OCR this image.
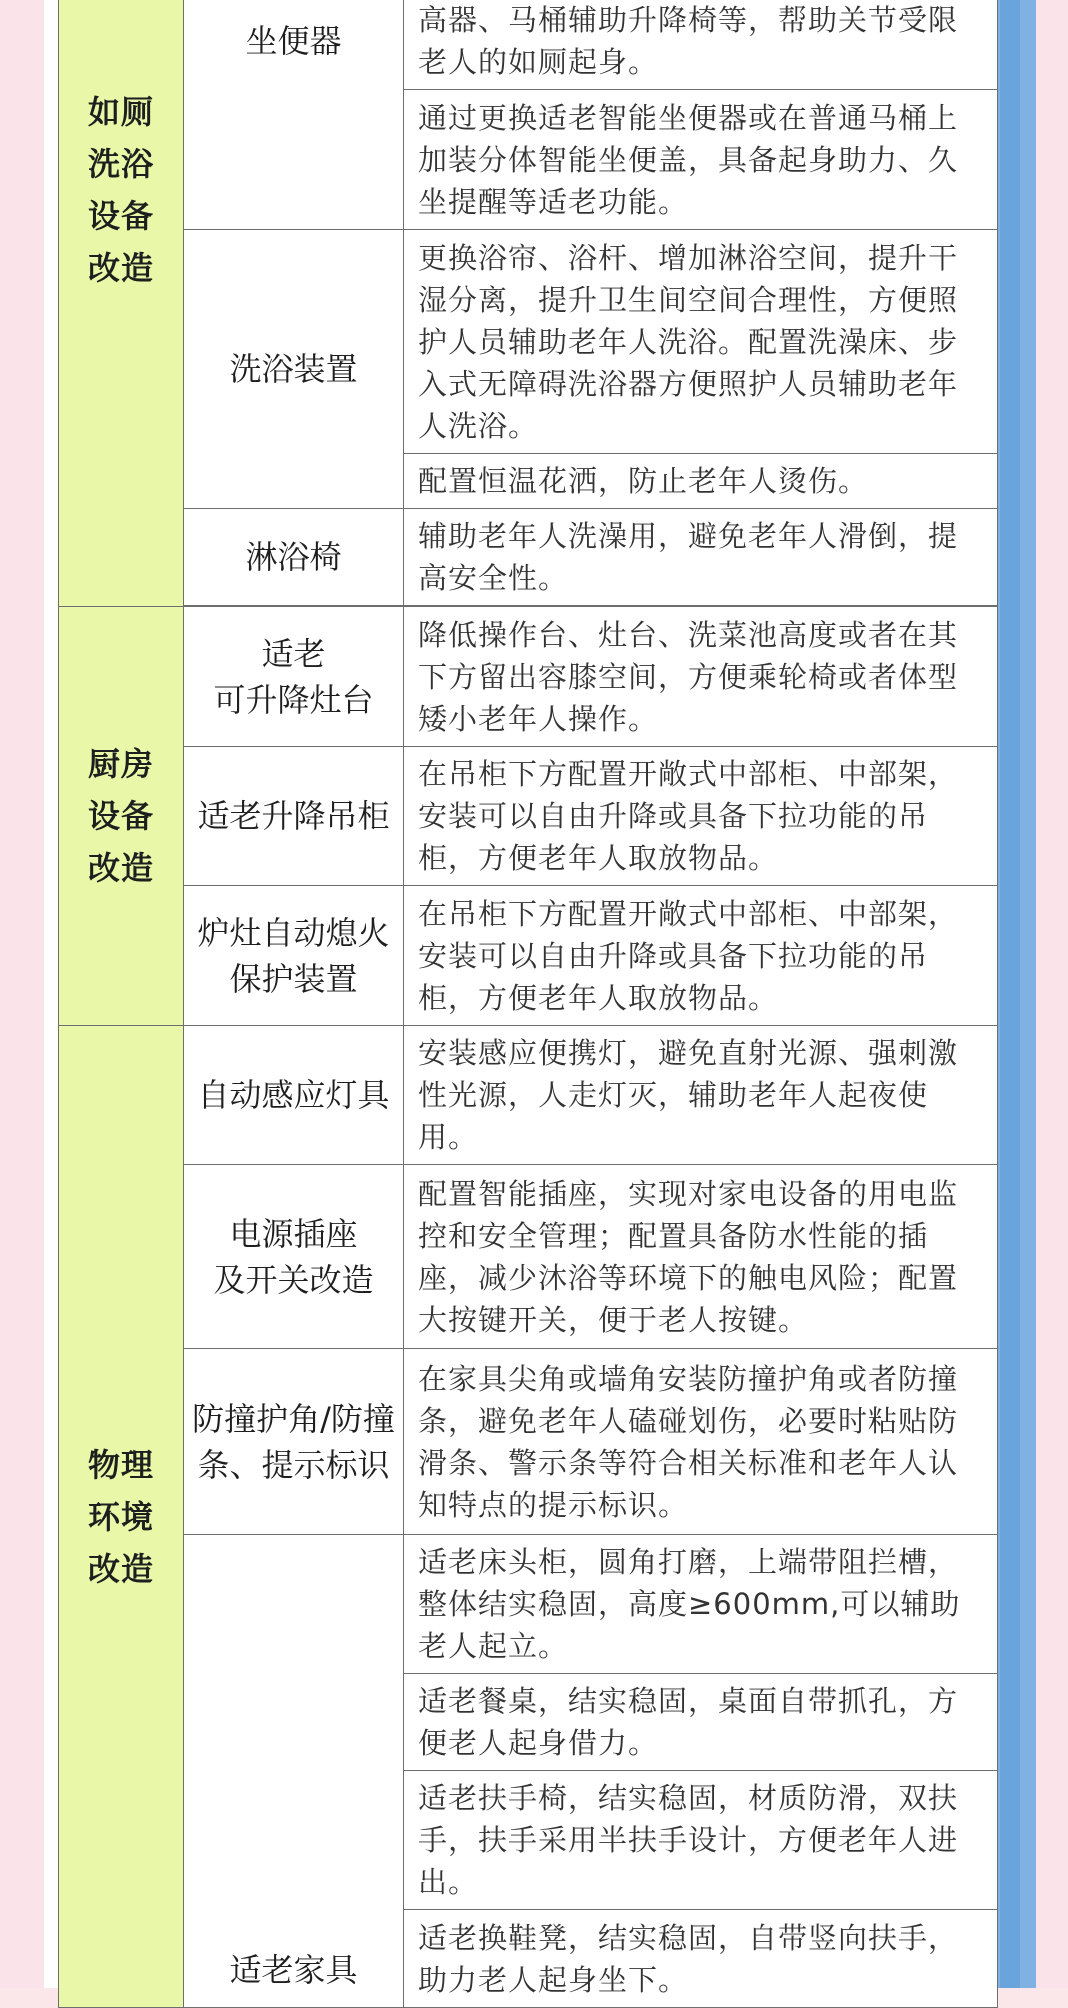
如厕
洗浴
设备
改造	坐便器	高器、马桶辅助升降椅等，帮助关节受限老人的如厕起身。
		通过更换适老智能坐便器或在普通马桶上加装分体智能坐便盖，具备起身助力、久坐提醒等适老功能。

	洗浴装置	更换浴帘、浴杆、增加淋浴空间，提升干湿分离，提升卫生间空间合理性，方便照护人员辅助老年人洗浴。配置洗澡床、步入式无障碍洗浴器方便照护人员辅助老年人洗浴。
		配置恒温花洒，防止老年人烫伤。

	淋浴椅	辅助老年人洗澡用，避免老年人滑倒，提高安全性。

厨房
设备
改造	适老
可升降灶台	降低操作台、灶台、洗菜池高度或者在其下方留出容膝空间，方便乘轮椅或者体型矮小老年人操作。

	适老升降吊柜	在吊柜下方配置开敞式中部柜、中部架，安装可以自由升降或具备下拉功能的吊柜，方便老年人取放物品。

	炉灶自动熄火
保护装置	在吊柜下方配置开敞式中部柜、中部架，安装可以自由升降或具备下拉功能的吊柜，方便老年人取放物品。

物理
环境
改造	自动感应灯具	安装感应便携灯，避免直射光源、强刺激性光源，人走灯灭，辅助老年人起夜使用。

	电源插座
及开关改造	配置智能插座，实现对家电设备的用电监控和安全管理；配置具备防水性能的插座，减少沐浴等环境下的触电风险；配置大按键开关，便于老人按键。

	防撞护角/防撞
条、提示标识	在家具尖角或墙角安装防撞护角或者防撞条，避免老年人磕碰划伤，必要时粘贴防滑条、警示条等符合相关标准和老年人认知特点的提示标识。

	适老家具	适老床头柜，圆角打磨，上端带阻拦槽，整体结实稳固，高度≥600mm,可以辅助老人起立。
		适老餐桌，结实稳固，桌面自带抓孔，方便老人起身借力。
		适老扶手椅，结实稳固，材质防滑，双扶手，扶手采用半扶手设计，方便老年人进出。
		适老换鞋凳，结实稳固，自带竖向扶手，助力老人起身坐下。
